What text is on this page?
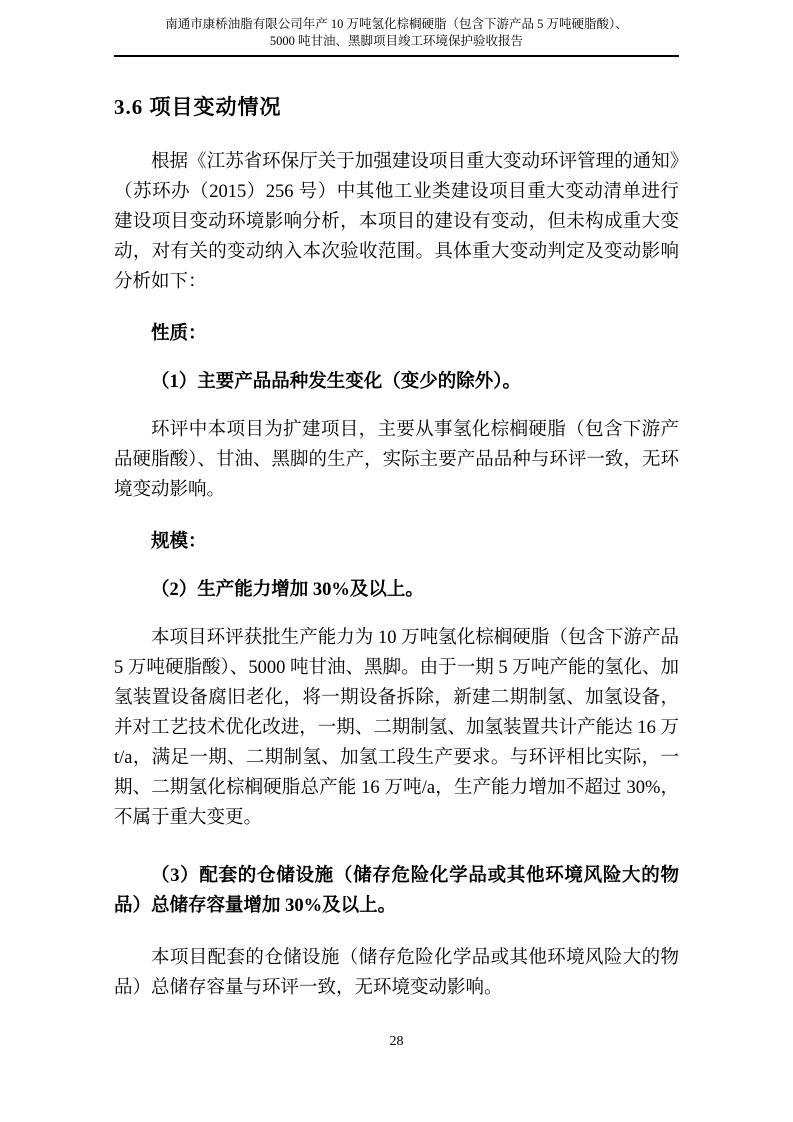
南通市康桥油脂有限公司年产 10 万吨氢化棕榈硬脂（包含下游产品 5 万吨硬脂酸）、
5000 吨甘油、黑脚项目竣工环境保护验收报告
3.6 项目变动情况

根据《江苏省环保厅关于加强建设项目重大变动环评管理的通知》（苏环办（2015）256 号）中其他工业类建设项目重大变动清单进行建设项目变动环境影响分析，本项目的建设有变动，但未构成重大变动，对有关的变动纳入本次验收范围。具体重大变动判定及变动影响分析如下：

性质：

（1）主要产品品种发生变化（变少的除外）。

环评中本项目为扩建项目，主要从事氢化棕榈硬脂（包含下游产品硬脂酸）、甘油、黑脚的生产，实际主要产品品种与环评一致，无环境变动影响。

规模：

（2）生产能力增加 30%及以上。

本项目环评获批生产能力为 10 万吨氢化棕榈硬脂（包含下游产品 5 万吨硬脂酸）、5000 吨甘油、黑脚。由于一期 5 万吨产能的氢化、加氢装置设备腐旧老化，将一期设备拆除，新建二期制氢、加氢设备，并对工艺技术优化改进，一期、二期制氢、加氢装置共计产能达 16 万 t/a，满足一期、二期制氢、加氢工段生产要求。与环评相比实际，一期、二期氢化棕榈硬脂总产能 16 万吨/a，生产能力增加不超过 30%，不属于重大变更。

（3）配套的仓储设施（储存危险化学品或其他环境风险大的物品）总储存容量增加 30%及以上。

本项目配套的仓储设施（储存危险化学品或其他环境风险大的物品）总储存容量与环评一致，无环境变动影响。

28
